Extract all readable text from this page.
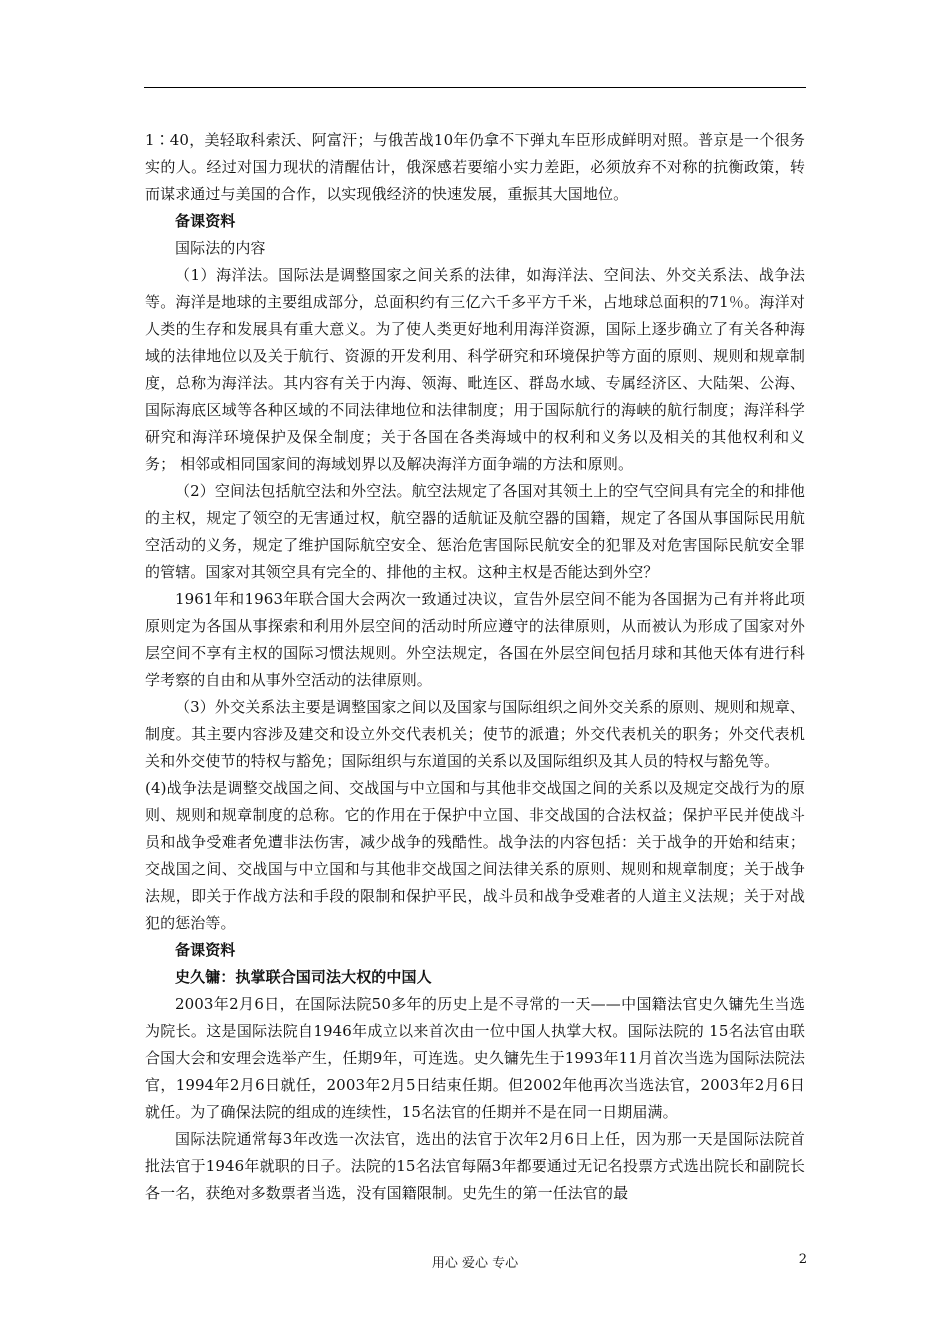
1∶40，美轻取科索沃、阿富汗；与俄苦战10年仍拿不下弹丸车臣形成鲜明对照。普京是一个很务实的人。经过对国力现状的清醒估计，俄深感若要缩小实力差距，必须放弃不对称的抗衡政策，转而谋求通过与美国的合作，以实现俄经济的快速发展，重振其大国地位。

备课资料

国际法的内容

（1）海洋法。国际法是调整国家之间关系的法律，如海洋法、空间法、外交关系法、战争法等。海洋是地球的主要组成部分，总面积约有三亿六千多平方千米，占地球总面积的71％。海洋对人类的生存和发展具有重大意义。为了使人类更好地利用海洋资源，国际上逐步确立了有关各种海域的法律地位以及关于航行、资源的开发利用、科学研究和环境保护等方面的原则、规则和规章制度，总称为海洋法。其内容有关于内海、领海、毗连区、群岛水域、专属经济区、大陆架、公海、国际海底区域等各种区域的不同法律地位和法律制度；用于国际航行的海峡的航行制度；海洋科学研究和海洋环境保护及保全制度；关于各国在各类海域中的权利和义务以及相关的其他权利和义务； 相邻或相同国家间的海域划界以及解决海洋方面争端的方法和原则。

（2）空间法包括航空法和外空法。航空法规定了各国对其领土上的空气空间具有完全的和排他的主权，规定了领空的无害通过权，航空器的适航证及航空器的国籍，规定了各国从事国际民用航空活动的义务，规定了维护国际航空安全、惩治危害国际民航安全的犯罪及对危害国际民航安全罪的管辖。国家对其领空具有完全的、排他的主权。这种主权是否能达到外空？

1961年和1963年联合国大会两次一致通过决议，宣告外层空间不能为各国据为己有并将此项原则定为各国从事探索和利用外层空间的活动时所应遵守的法律原则，从而被认为形成了国家对外层空间不享有主权的国际习惯法规则。外空法规定，各国在外层空间包括月球和其他天体有进行科学考察的自由和从事外空活动的法律原则。

（3）外交关系法主要是调整国家之间以及国家与国际组织之间外交关系的原则、规则和规章、制度。其主要内容涉及建交和设立外交代表机关；使节的派遣；外交代表机关的职务；外交代表机关和外交使节的特权与豁免；国际组织与东道国的关系以及国际组织及其人员的特权与豁免等。

(4)战争法是调整交战国之间、交战国与中立国和与其他非交战国之间的关系以及规定交战行为的原则、规则和规章制度的总称。它的作用在于保护中立国、非交战国的合法权益；保护平民并使战斗员和战争受难者免遭非法伤害，减少战争的残酷性。战争法的内容包括：关于战争的开始和结束；交战国之间、交战国与中立国和与其他非交战国之间法律关系的原则、规则和规章制度；关于战争法规，即关于作战方法和手段的限制和保护平民，战斗员和战争受难者的人道主义法规；关于对战犯的惩治等。

备课资料

史久镛：执掌联合国司法大权的中国人

2003年2月6日，在国际法院50多年的历史上是不寻常的一天——中国籍法官史久镛先生当选为院长。这是国际法院自1946年成立以来首次由一位中国人执掌大权。国际法院的 15名法官由联合国大会和安理会选举产生，任期9年，可连选。史久镛先生于1993年11月首次当选为国际法院法官，1994年2月6日就任，2003年2月5日结束任期。但2002年他再次当选法官，2003年2月6日就任。为了确保法院的组成的连续性，15名法官的任期并不是在同一日期届满。

国际法院通常每3年改选一次法官，选出的法官于次年2月6日上任，因为那一天是国际法院首批法官于1946年就职的日子。法院的15名法官每隔3年都要通过无记名投票方式选出院长和副院长各一名，获绝对多数票者当选，没有国籍限制。史先生的第一任法官的最

用心 爱心 专心	2
